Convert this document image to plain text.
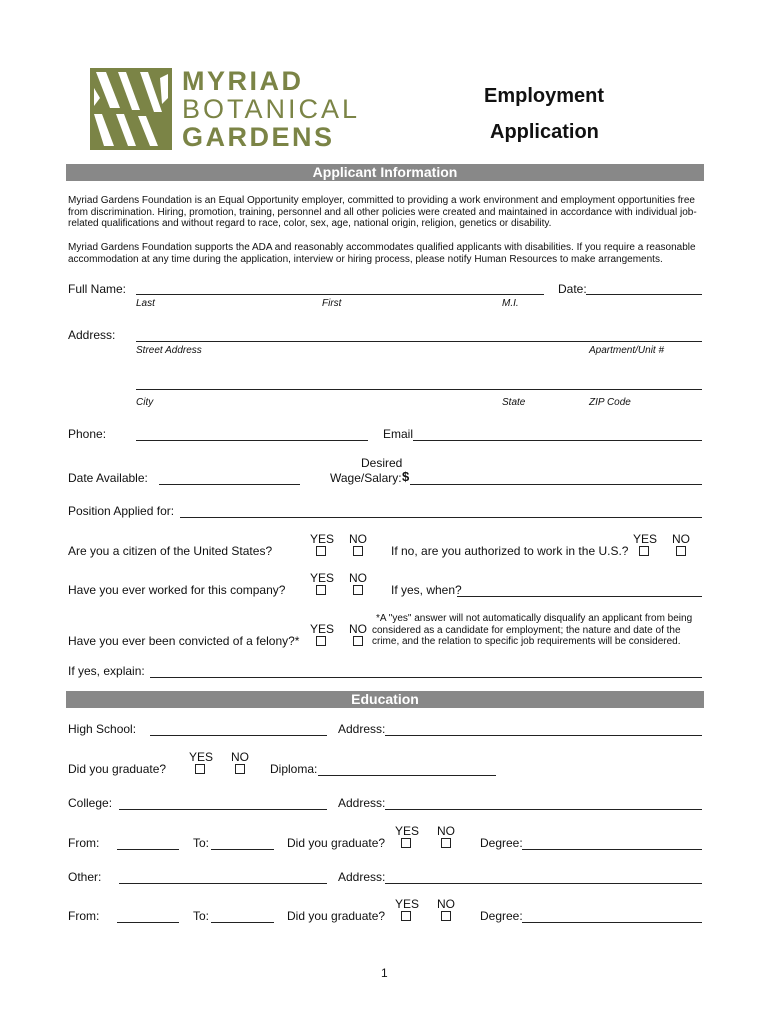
MYRIAD
BOTANICAL
GARDENS
Employment
Application
Applicant Information
Myriad Gardens Foundation is an Equal Opportunity employer, committed to providing a work environment and employment opportunities free from discrimination. Hiring, promotion, training, personnel and all other policies were created and maintained in accordance with individual job-related qualifications and without regard to race, color, sex, age, national origin, religion, genetics or disability.
Myriad Gardens Foundation supports the ADA and reasonably accommodates qualified applicants with disabilities. If you require a reasonable accommodation at any time during the application, interview or hiring process, please notify Human Resources to make arrangements.
Full Name:	Date:
Last	First	M.I.
Address:
Street Address	Apartment/Unit #
City	State	ZIP Code
Phone:	Email
Date Available:
Desired
Wage/Salary: $
Position Applied for:
Are you a citizen of the United States?
YES NO
If no, are you authorized to work in the U.S.?
YES NO
Have you ever worked for this company?
YES NO
If yes, when?
Have you ever been convicted of a felony?*
YES NO
*A "yes" answer will not automatically disqualify an applicant from being considered as a candidate for employment; the nature and date of the crime, and the relation to specific job requirements will be considered.
If yes, explain:
Education
High School:	Address:
Did you graduate?
YES NO
Diploma:
College:	Address:
From:	To:	Did you graduate?
YES NO
Degree:
Other:	Address:
From:	To:	Did you graduate?
YES NO
Degree:
1
